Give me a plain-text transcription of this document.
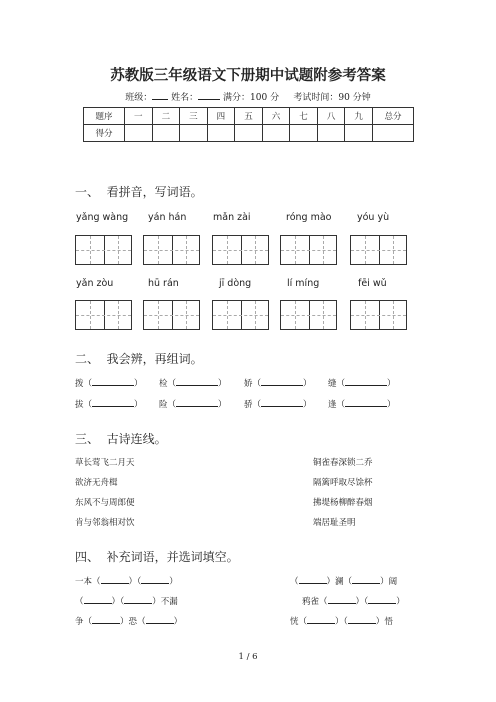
苏教版三年级语文下册期中试题附参考答案
班级： 姓名：	满分：100 分 考试时间：90 分钟
题序	一	二	三	四	五	六	七	八	九	总分
得分										
一、 看拼音，写词语。
yǎng wàng yán hán	mǎn zài	róng mào	yóu yù
yǎn zòu	hū rán	jī dòng	lí míng	fēi wǔ
二、 我会辨，再组词。
拨（	） 检（	） 娇（	） 缝（	）
拔（	） 险（	） 骄（	） 逢（	）
三、 古诗连线。
草长莺飞二月天
欲济无舟楫
东风不与周郎便
肯与邻翁相对饮
铜雀春深锁二乔
隔篱呼取尽馀杯
拂堤杨柳醉春烟
端居耻圣明
四、 补充词语，并选词填空。
一本（	）（	）
（	）（	）不漏
争（	）恐（	）
（	）澜（	）阔
鸦雀（	）（	）
恍（	）（	）悟
1 / 6
